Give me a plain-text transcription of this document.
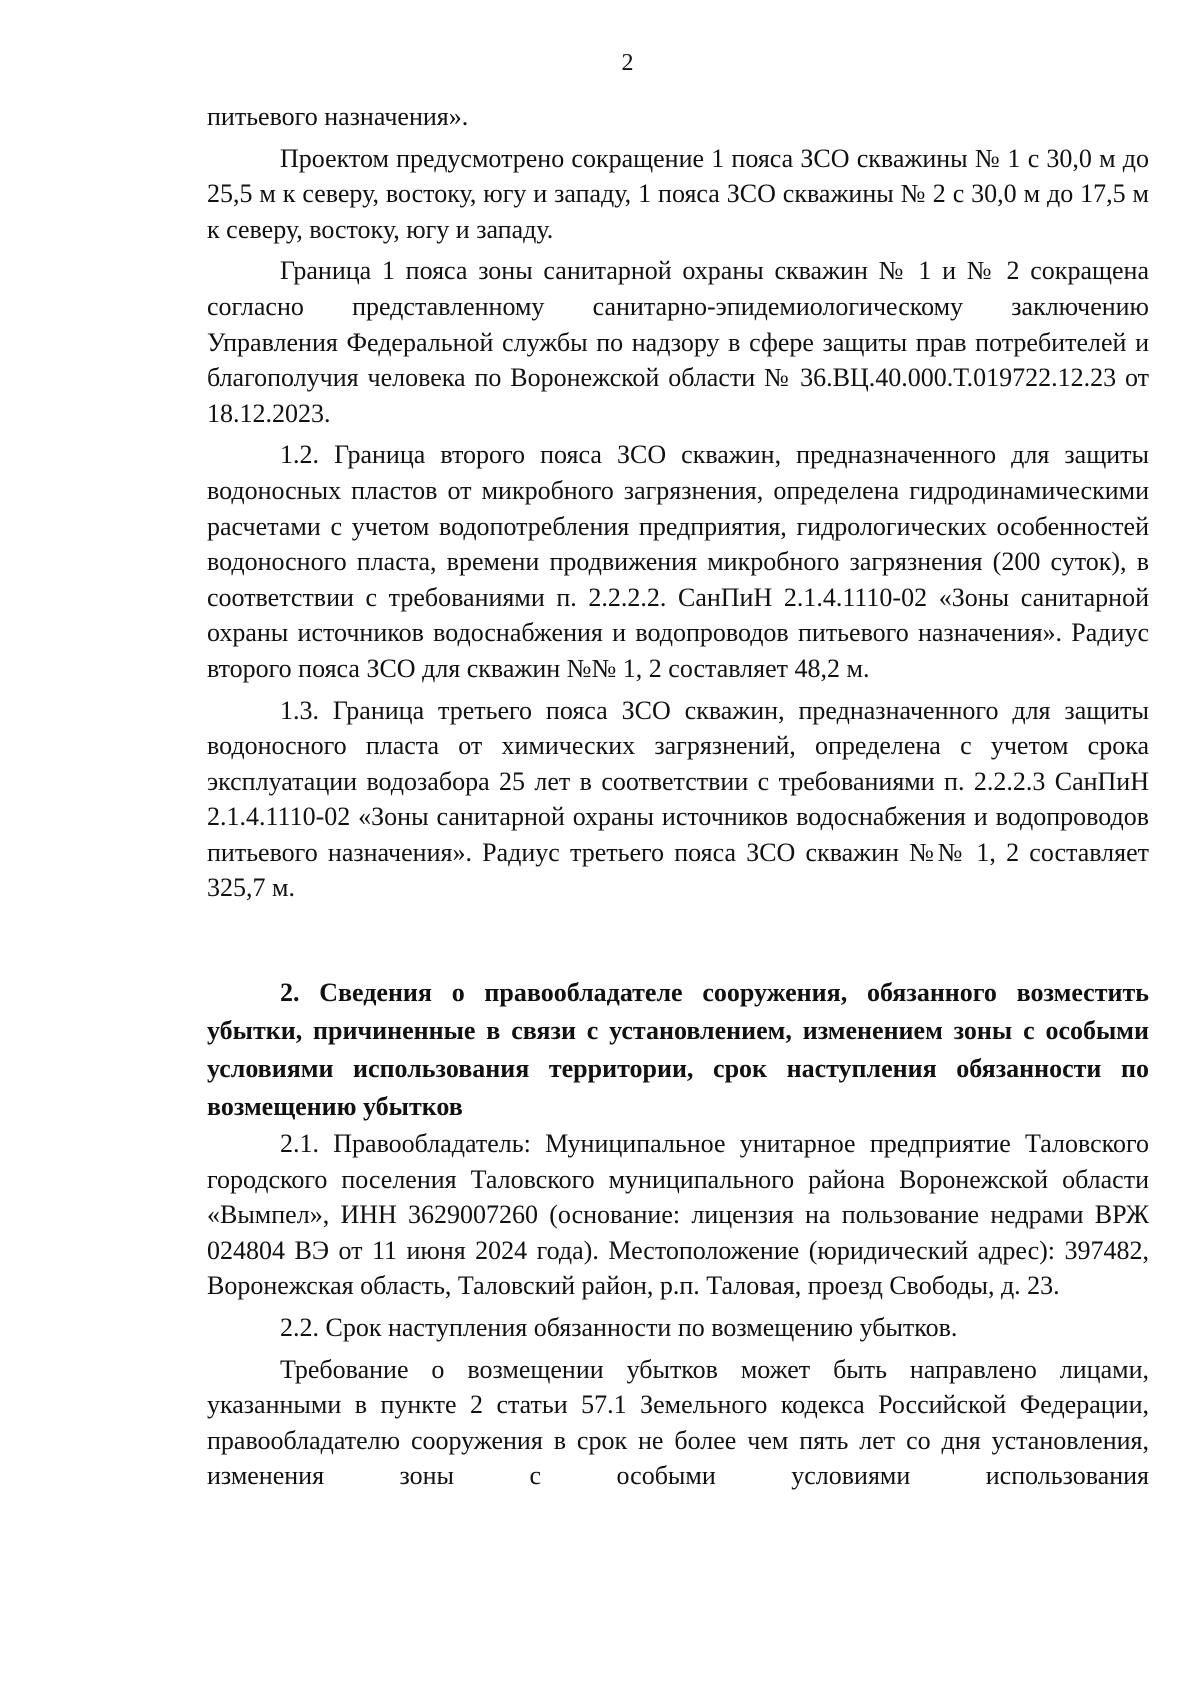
2

питьевого назначения».

Проектом предусмотрено сокращение 1 пояса ЗСО скважины № 1 с 30,0 м до 25,5 м к северу, востоку, югу и западу, 1 пояса ЗСО скважины № 2 с 30,0 м до 17,5 м к северу, востоку, югу и западу.

Граница 1 пояса зоны санитарной охраны скважин № 1 и № 2 сокращена согласно представленному санитарно-эпидемиологическому заключению Управления Федеральной службы по надзору в сфере защиты прав потребителей и благополучия человека по Воронежской области № 36.ВЦ.40.000.Т.019722.12.23 от 18.12.2023.

1.2. Граница второго пояса ЗСО скважин, предназначенного для защиты водоносных пластов от микробного загрязнения, определена гидродинамическими расчетами с учетом водопотребления предприятия, гидрологических особенностей водоносного пласта, времени продвижения микробного загрязнения (200 суток), в соответствии с требованиями п. 2.2.2.2. СанПиН 2.1.4.1110-02 «Зоны санитарной охраны источников водоснабжения и водопроводов питьевого назначения». Радиус второго пояса ЗСО для скважин №№ 1, 2 составляет 48,2 м.

1.3. Граница третьего пояса ЗСО скважин, предназначенного для защиты водоносного пласта от химических загрязнений, определена с учетом срока эксплуатации водозабора 25 лет в соответствии с требованиями п. 2.2.2.3 СанПиН 2.1.4.1110-02 «Зоны санитарной охраны источников водоснабжения и водопроводов питьевого назначения». Радиус третьего пояса ЗСО скважин №№ 1, 2 составляет 325,7 м.

2. Сведения о правообладателе сооружения, обязанного возместить убытки, причиненные в связи с установлением, изменением зоны с особыми условиями использования территории, срок наступления обязанности по возмещению убытков

2.1. Правообладатель: Муниципальное унитарное предприятие Таловского городского поселения Таловского муниципального района Воронежской области «Вымпел», ИНН 3629007260 (основание: лицензия на пользование недрами ВРЖ 024804 ВЭ от 11 июня 2024 года). Местоположение (юридический адрес): 397482, Воронежская область, Таловский район, р.п. Таловая, проезд Свободы, д. 23.

2.2. Срок наступления обязанности по возмещению убытков.

Требование о возмещении убытков может быть направлено лицами, указанными в пункте 2 статьи 57.1 Земельного кодекса Российской Федерации, правообладателю сооружения в срок не более чем пять лет со дня установления, изменения зоны с особыми условиями использования
